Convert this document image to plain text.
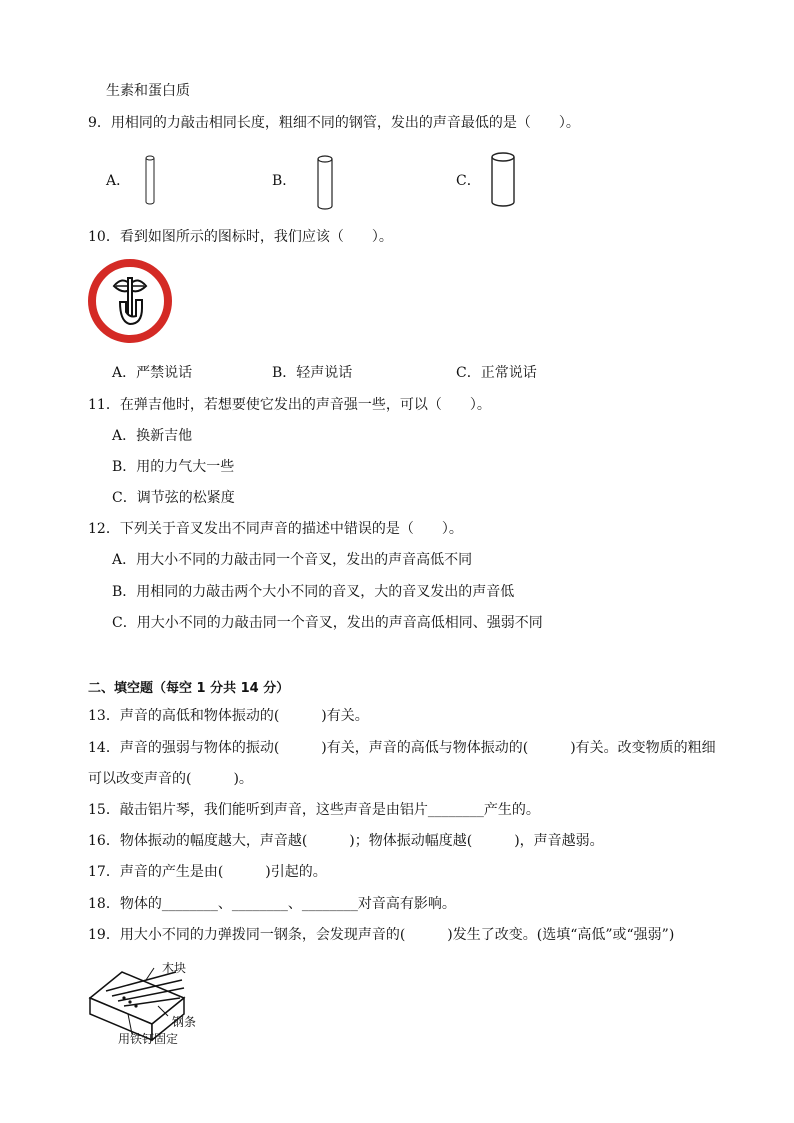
生素和蛋白质
9．用相同的力敲击相同长度，粗细不同的钢管，发出的声音最低的是（　　）。
A．	B．	C．
10．看到如图所示的图标时，我们应该（　　）。
A．严禁说话	B．轻声说话	C．正常说话
11．在弹吉他时，若想要使它发出的声音强一些，可以（　　）。
A．换新吉他
B．用的力气大一些
C．调节弦的松紧度
12．下列关于音叉发出不同声音的描述中错误的是（　　）。
A．用大小不同的力敲击同一个音叉，发出的声音高低不同
B．用相同的力敲击两个大小不同的音叉，大的音叉发出的声音低
C．用大小不同的力敲击同一个音叉，发出的声音高低相同、强弱不同
二、填空题（每空 1 分共 14 分）
13．声音的高低和物体振动的(　　　)有关。
14．声音的强弱与物体的振动(　　　)有关，声音的高低与物体振动的(　　　)有关。改变物质的粗细
可以改变声音的(　　　)。
15．敲击铝片琴，我们能听到声音，这些声音是由铝片________产生的。
16．物体振动的幅度越大，声音越(　　　)；物体振动幅度越(　　　)，声音越弱。
17．声音的产生是由(　　　)引起的。
18．物体的________、________、________对音高有影响。
19．用大小不同的力弹拨同一钢条，会发现声音的(　　　)发生了改变。(选填“高低”或“强弱”)
木块
钢条
用铁钉固定
